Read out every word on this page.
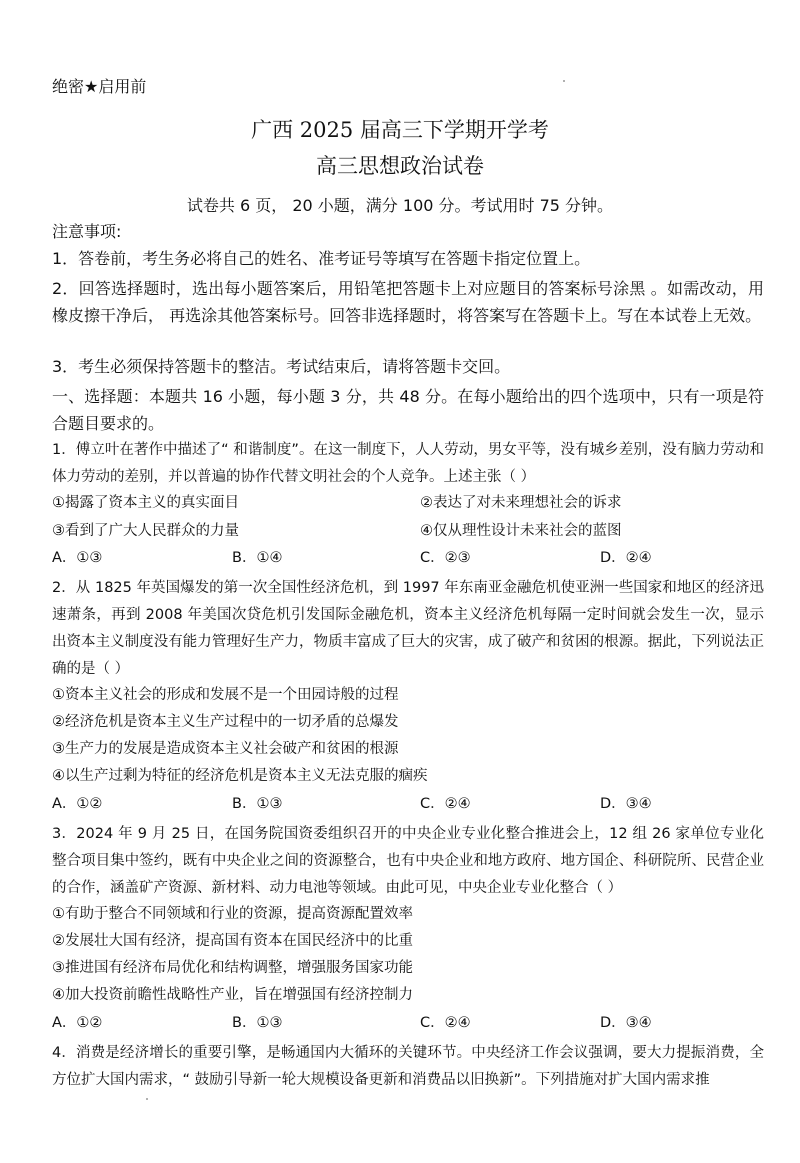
绝密★启用前
广西 2025 届高三下学期开学考
高三思想政治试卷
试卷共 6 页， 20 小题，满分 100 分。考试用时 75 分钟。
注意事项:
1．答卷前，考生务必将自己的姓名、准考证号等填写在答题卡指定位置上。
2．回答选择题时，选出每小题答案后，用铅笔把答题卡上对应题目的答案标号涂黑 。如需改动，用橡皮擦干净后， 再选涂其他答案标号。回答非选择题时，将答案写在答题卡上。写在本试卷上无效。
3．考生必须保持答题卡的整洁。考试结束后，请将答题卡交回。
一、选择题：本题共 16 小题，每小题 3 分，共 48 分。在每小题给出的四个选项中，只有一项是符合题目要求的。
1．傅立叶在著作中描述了“ 和谐制度”。在这一制度下，人人劳动，男女平等，没有城乡差别，没有脑力劳动和体力劳动的差别，并以普遍的协作代替文明社会的个人竞争。上述主张（ ）
①揭露了资本主义的真实面目	②表达了对未来理想社会的诉求
③看到了广大人民群众的力量	④仅从理性设计未来社会的蓝图
A．①③	B．①④	C．②③	D．②④
2．从 1825 年英国爆发的第一次全国性经济危机，到 1997 年东南亚金融危机使亚洲一些国家和地区的经济迅速萧条，再到 2008 年美国次贷危机引发国际金融危机，资本主义经济危机每隔一定时间就会发生一次，显示出资本主义制度没有能力管理好生产力，物质丰富成了巨大的灾害，成了破产和贫困的根源。据此，下列说法正确的是（ ）
①资本主义社会的形成和发展不是一个田园诗般的过程
②经济危机是资本主义生产过程中的一切矛盾的总爆发
③生产力的发展是造成资本主义社会破产和贫困的根源
④以生产过剩为特征的经济危机是资本主义无法克服的痼疾
A．①②	B．①③	C．②④	D．③④
3．2024 年 9 月 25 日，在国务院国资委组织召开的中央企业专业化整合推进会上，12 组 26 家单位专业化整合项目集中签约，既有中央企业之间的资源整合，也有中央企业和地方政府、地方国企、科研院所、民营企业的合作，涵盖矿产资源、新材料、动力电池等领域。由此可见，中央企业专业化整合（ ）
①有助于整合不同领域和行业的资源，提高资源配置效率
②发展壮大国有经济，提高国有资本在国民经济中的比重
③推进国有经济布局优化和结构调整，增强服务国家功能
④加大投资前瞻性战略性产业，旨在增强国有经济控制力
A．①②	B．①③	C．②④	D．③④
4．消费是经济增长的重要引擎，是畅通国内大循环的关键环节。中央经济工作会议强调，要大力提振消费，全方位扩大国内需求，“ 鼓励引导新一轮大规模设备更新和消费品以旧换新”。下列措施对扩大国内需求推
